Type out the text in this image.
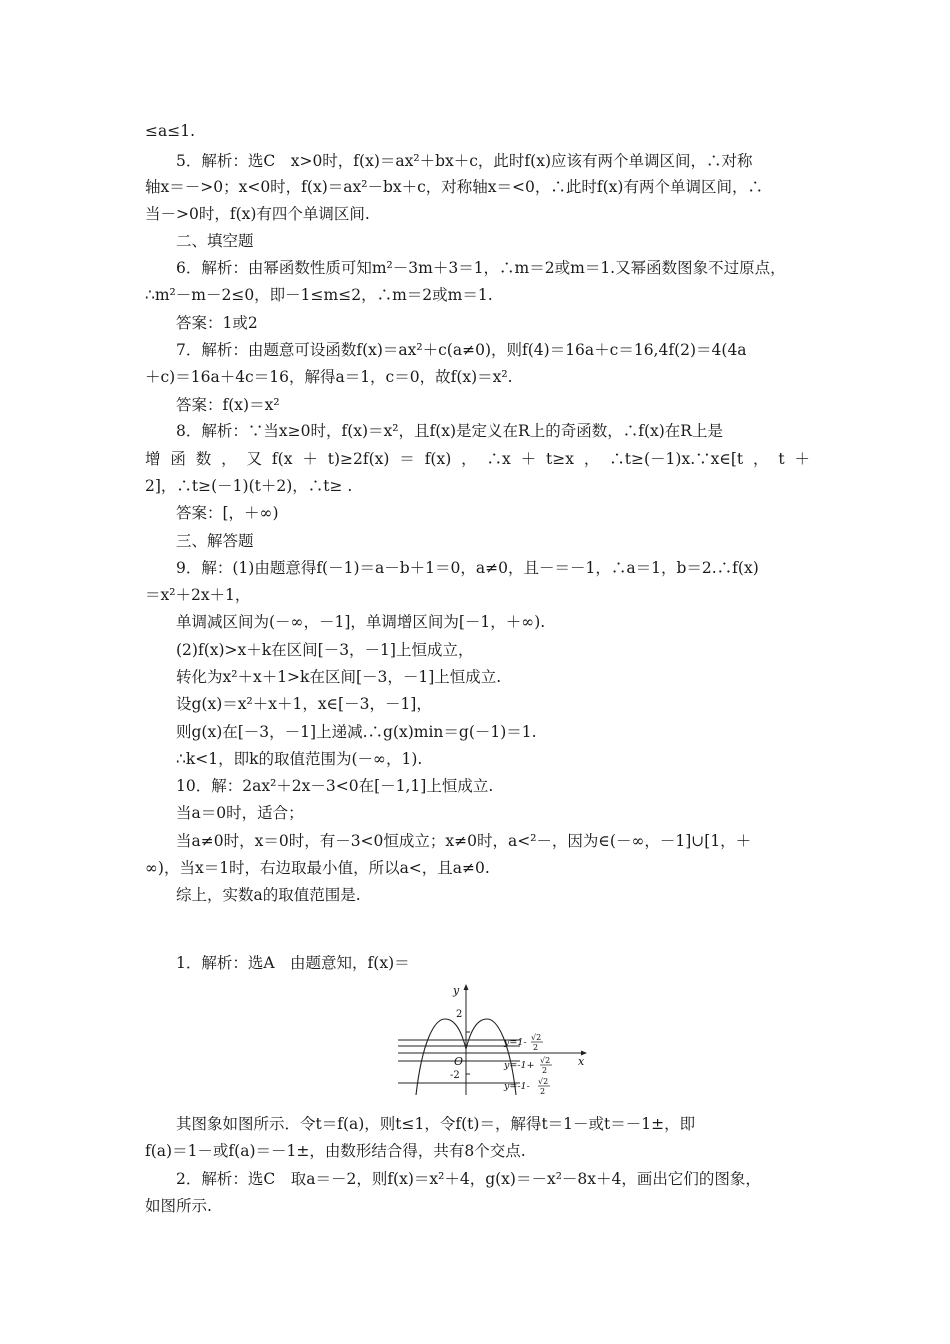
≤a≤1.
5．解析：选C　x>0时，f(x)＝ax²＋bx＋c，此时f(x)应该有两个单调区间，∴对称
轴x＝－>0；x<0时，f(x)＝ax²－bx＋c，对称轴x＝<0，∴此时f(x)有两个单调区间，∴
当－>0时，f(x)有四个单调区间.
二、填空题
6．解析：由幂函数性质可知m²－3m＋3＝1，∴m＝2或m＝1.又幂函数图象不过原点，
∴m²－m－2≤0，即－1≤m≤2，∴m＝2或m＝1.
答案：1或2
7．解析：由题意可设函数f(x)＝ax²＋c(a≠0)，则f(4)＝16a＋c＝16,4f(2)＝4(4a
＋c)＝16a＋4c＝16，解得a＝1，c＝0，故f(x)＝x².
答案：f(x)＝x²
8．解析：∵当x≥0时，f(x)＝x²，且f(x)是定义在R上的奇函数，∴f(x)在R上是
增函数，又f(x＋t)≥2f(x)＝f(x)，∴x＋t≥x，∴t≥(－1)x.∵x∈[t，t＋
2]，∴t≥(－1)(t＋2)，∴t≥ .
答案：[，＋∞)
三、解答题
9．解：(1)由题意得f(－1)＝a－b＋1＝0，a≠0，且－＝－1，∴a＝1，b＝2.∴f(x)
＝x²＋2x＋1，
单调减区间为(－∞，－1]，单调增区间为[－1，＋∞).
(2)f(x)>x＋k在区间[－3，－1]上恒成立，
转化为x²＋x＋1>k在区间[－3，－1]上恒成立.
设g(x)＝x²＋x＋1，x∈[－3，－1]，
则g(x)在[－3，－1]上递减.∴g(x)min＝g(－1)＝1.
∴k<1，即k的取值范围为(－∞，1).
10．解：2ax²＋2x－3<0在[－1,1]上恒成立.
当a＝0时，适合；
当a≠0时，x＝0时，有－3<0恒成立；x≠0时，a<²－，因为∈(－∞，－1]∪[1，＋
∞)，当x＝1时，右边取最小值，所以a<，且a≠0.
综上，实数a的取值范围是.
1．解析：选A　由题意知，f(x)＝
y
x
2
-2
O
y=1- √2
2
y=-1+ √2
2
y=-1- √2
2
其图象如图所示．令t＝f(a)，则t≤1，令f(t)＝，解得t＝1－或t＝－1±，即
f(a)＝1－或f(a)＝－1±，由数形结合得，共有8个交点.
2．解析：选C　取a＝－2，则f(x)＝x²＋4，g(x)＝－x²－8x＋4，画出它们的图象，
如图所示.
